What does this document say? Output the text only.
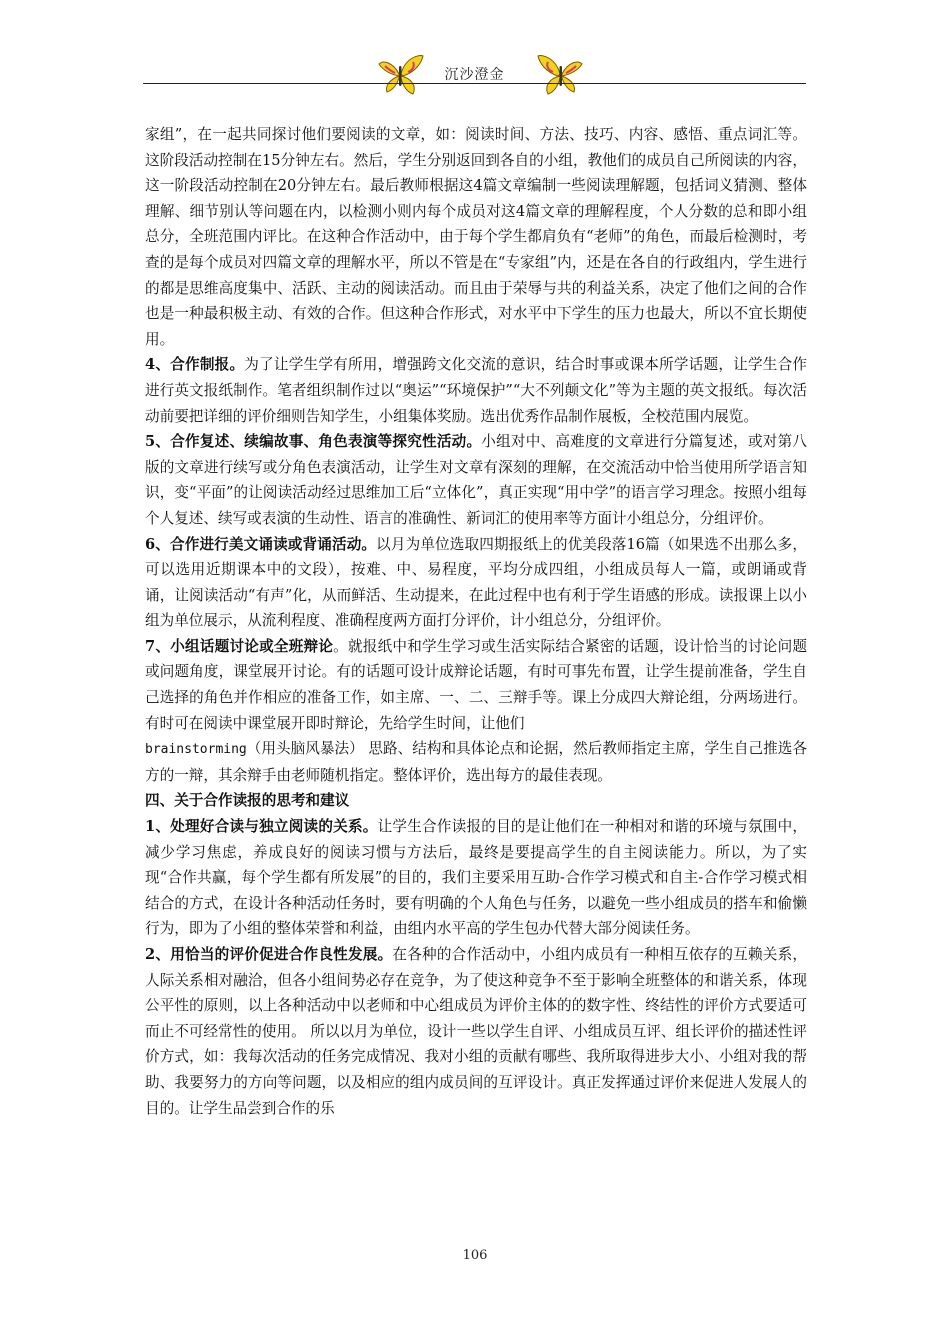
沉沙澄金

家组”，在一起共同探讨他们要阅读的文章，如：阅读时间、方法、技巧、内容、感悟、重点词汇等。这阶段活动控制在15分钟左右。然后，学生分别返回到各自的小组，教他们的成员自己所阅读的内容，这一阶段活动控制在20分钟左右。最后教师根据这4篇文章编制一些阅读理解题，包括词义猜测、整体理解、细节别认等问题在内，以检测小则内每个成员对这4篇文章的理解程度，个人分数的总和即小组总分，全班范围内评比。在这种合作活动中，由于每个学生都肩负有“老师”的角色，而最后检测时，考查的是每个成员对四篇文章的理解水平，所以不管是在“专家组”内，还是在各自的行政组内，学生进行的都是思维高度集中、活跃、主动的阅读活动。而且由于荣辱与共的利益关系，决定了他们之间的合作也是一种最积极主动、有效的合作。但这种合作形式，对水平中下学生的压力也最大，所以不宜长期使用。

4、合作制报。为了让学生学有所用，增强跨文化交流的意识，结合时事或课本所学话题，让学生合作进行英文报纸制作。笔者组织制作过以“奥运”“环境保护”“大不列颠文化”等为主题的英文报纸。每次活动前要把详细的评价细则告知学生，小组集体奖励。选出优秀作品制作展板，全校范围内展览。

5、合作复述、续编故事、角色表演等探究性活动。小组对中、高难度的文章进行分篇复述，或对第八版的文章进行续写或分角色表演活动，让学生对文章有深刻的理解，在交流活动中恰当使用所学语言知识，变“平面”的让阅读活动经过思维加工后“立体化”，真正实现“用中学”的语言学习理念。按照小组每个人复述、续写或表演的生动性、语言的准确性、新词汇的使用率等方面计小组总分，分组评价。

6、合作进行美文诵读或背诵活动。以月为单位选取四期报纸上的优美段落16篇（如果选不出那么多，可以选用近期课本中的文段），按难、中、易程度，平均分成四组，小组成员每人一篇，或朗诵或背诵，让阅读活动“有声”化，从而鲜活、生动提来，在此过程中也有利于学生语感的形成。读报课上以小组为单位展示，从流利程度、准确程度两方面打分评价，计小组总分，分组评价。

7、小组话题讨论或全班辩论。就报纸中和学生学习或生活实际结合紧密的话题，设计恰当的讨论问题或问题角度，课堂展开讨论。有的话题可设计成辩论话题，有时可事先布置，让学生提前准备，学生自己选择的角色并作相应的准备工作，如主席、一、二、三辩手等。课上分成四大辩论组，分两场进行。有时可在阅读中课堂展开即时辩论，先给学生时间，让他们
brainstorming（用头脑风暴法） 思路、结构和具体论点和论据，然后教师指定主席，学生自己推选各方的一辩，其余辩手由老师随机指定。整体评价，选出每方的最佳表现。

四、关于合作读报的思考和建议

1、处理好合读与独立阅读的关系。让学生合作读报的目的是让他们在一种相对和谐的环境与氛围中，减少学习焦虑，养成良好的阅读习惯与方法后，最终是要提高学生的自主阅读能力。所以，为了实现“合作共赢，每个学生都有所发展”的目的，我们主要采用互助-合作学习模式和自主-合作学习模式相结合的方式，在设计各种活动任务时，要有明确的个人角色与任务，以避免一些小组成员的搭车和偷懒行为，即为了小组的整体荣誉和利益，由组内水平高的学生包办代替大部分阅读任务。

2、用恰当的评价促进合作良性发展。在各种的合作活动中，小组内成员有一种相互依存的互赖关系，人际关系相对融洽，但各小组间势必存在竞争，为了使这种竞争不至于影响全班整体的和谐关系，体现公平性的原则，以上各种活动中以老师和中心组成员为评价主体的的数字性、终结性的评价方式要适可而止不可经常性的使用。 所以以月为单位，设计一些以学生自评、小组成员互评、组长评价的描述性评价方式，如：我每次活动的任务完成情况、我对小组的贡献有哪些、我所取得进步大小、小组对我的帮助、我要努力的方向等问题，以及相应的组内成员间的互评设计。真正发挥通过评价来促进人发展人的目的。让学生品尝到合作的乐

106
